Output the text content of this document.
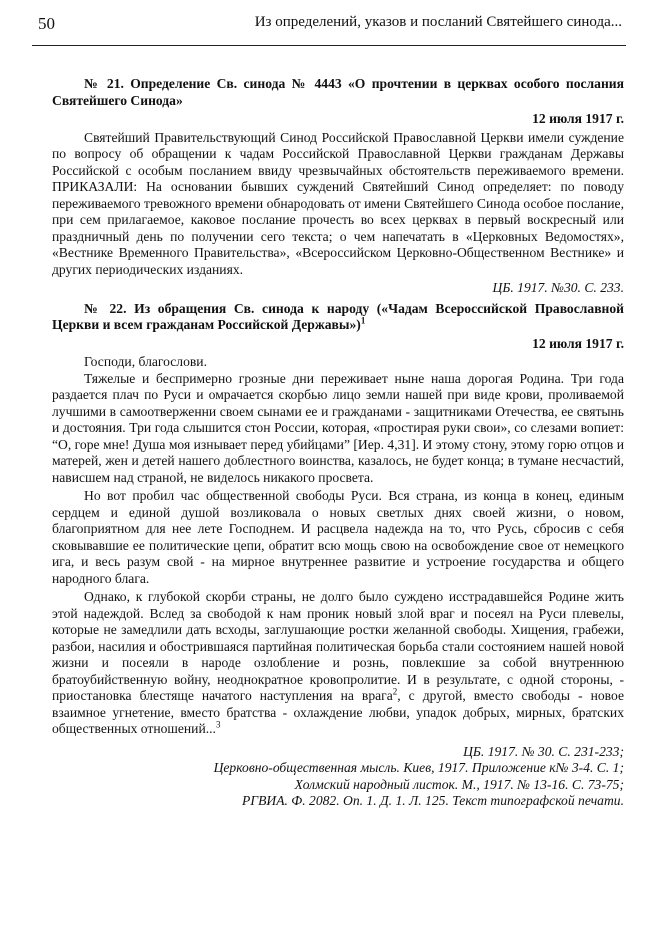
50	Из определений, указов и посланий Святейшего синода...
№ 21. Определение Св. синода № 4443 «О прочтении в церквах особого послания Святейшего Синода»
12 июля 1917 г.

Святейший Правительствующий Синод Российской Православной Церкви имели суждение по вопросу об обращении к чадам Российской Православной Церкви гражданам Державы Российской с особым посланием ввиду чрезвычайных обстоятельств переживаемого времени. ПРИКАЗАЛИ: На основании бывших суждений Святейший Синод определяет: по поводу переживаемого тревожного времени обнародовать от имени Святейшего Синода особое послание, при сем прилагаемое, каковое послание прочесть во всех церквах в первый воскресный или праздничный день по получении сего текста; о чем напечатать в «Церковных Ведомостях», «Вестнике Временного Правительства», «Всероссийском Церковно-Общественном Вестнике» и других периодических изданиях.

ЦБ. 1917. №30. С. 233.
№ 22. Из обращения Св. синода к народу («Чадам Всероссийской Православной Церкви и всем гражданам Российской Державы»)$^1$
12 июля 1917 г.

Господи, благослови.

Тяжелые и беспримерно грозные дни переживает ныне наша дорогая Родина. Три года раздается плач по Руси и омрачается скорбью лицо земли нашей при виде крови, проливаемой лучшими в самоотверженни своем сынами ее и гражданами - защитниками Отечества, ее святынь и достояния. Три года слышится стон России, которая, «простирая руки свои», со слезами вопиет: “О, горе мне! Душа моя изнывает перед убийцами” [Иер. 4,31]. И этому стону, этому горю отцов и матерей, жен и детей нашего доблестного воинства, казалось, не будет конца; в тумане несчастий, нависшем над страной, не виделось никакого просвета.

Но вот пробил час общественной свободы Руси. Вся страна, из конца в конец, единым сердцем и единой душой возликовала о новых светлых днях своей жизни, о новом, благоприятном для нее лете Господнем. И расцвела надежда на то, что Русь, сбросив с себя сковывавшие ее политические цепи, обратит всю мощь свою на освобождение свое от немецкого ига, и весь разум свой - на мирное внутреннее развитие и устроение государства и общего народного блага.

Однако, к глубокой скорби страны, не долго было суждено исстрадавшейся Родине жить этой надеждой. Вслед за свободой к нам проник новый злой враг и посеял на Руси плевелы, которые не замедлили дать всходы, заглушающие ростки желанной свободы. Хищения, грабежи, разбои, насилия и обострившаяся партийная политическая борьба стали состоянием нашей новой жизни и посеяли в народе озлобление и рознь, повлекшие за собой внутреннюю братоубийственную войну, неоднократное кровопролитие. И в результате, с одной стороны, - приостановка блестяще начатого наступления на врага$^2$, с другой, вместо свободы - новое взаимное угнетение, вместо братства - охлаждение любви, упадок добрых, мирных, братских общественных отношений...$^3$

ЦБ. 1917. № 30. С. 231-233;
Церковно-общественная мысль. Киев, 1917. Приложение к№ 3-4. С. 1;
Холмский народный листок. М., 1917. № 13-16. С. 73-75;
РГВИА. Ф. 2082. Оп. 1. Д. 1. Л. 125. Текст типографской печати.
